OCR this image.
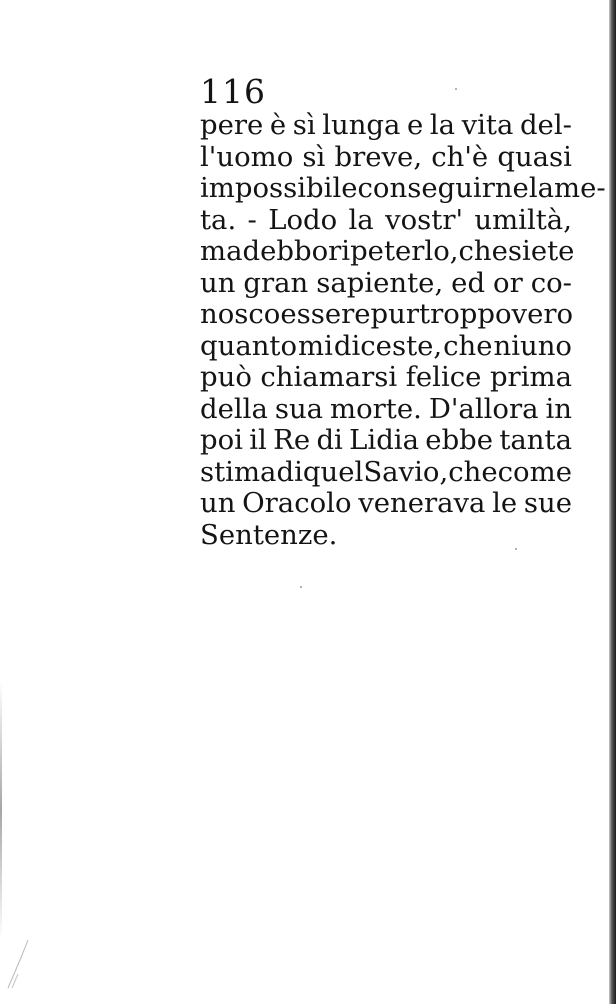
116
pere è sì lunga e la vita del-
l'uomo sì breve, ch'è quasi
impossibile conseguirne la me-
ta. - Lodo la vostr' umiltà,
ma debbo ripeterlo, che siete
un gran sapiente, ed or co-
nosco essere pur troppo vero
quanto mi diceste, che niuno
può chiamarsi felice prima
della sua morte. D'allora in
poi il Re di Lidia ebbe tanta
stima di quel Savio, che come
un Oracolo venerava le sue
Sentenze.
